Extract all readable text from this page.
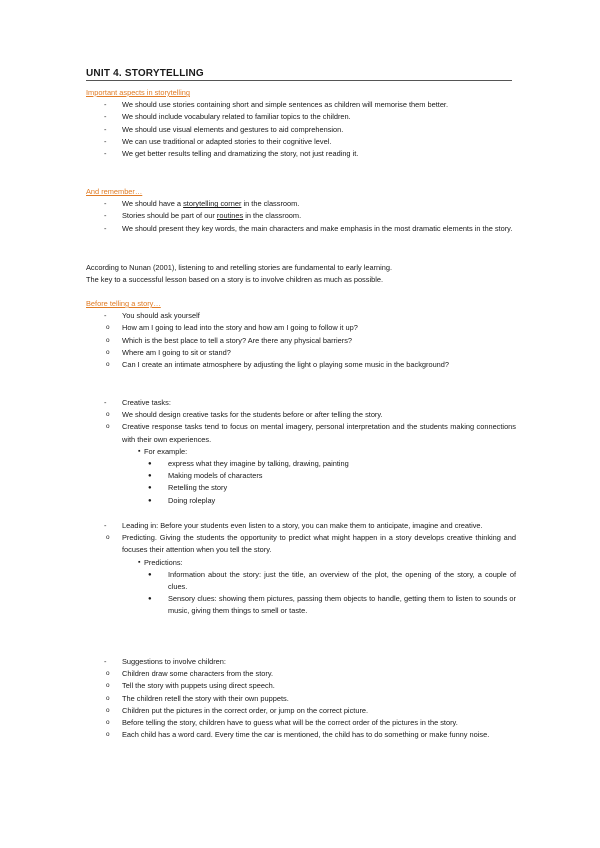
UNIT 4. STORYTELLING
Important aspects in storytelling
- We should use stories containing short and simple sentences as children will memorise them better.
- We should include vocabulary related to familiar topics to the children.
- We should use visual elements and gestures to aid comprehension.
- We can use traditional or adapted stories to their cognitive level.
- We get better results telling and dramatizing the story, not just reading it.
And remember…
- We should have a storytelling corner in the classroom.
- Stories should be part of our routines in the classroom.
- We should present they key words, the main characters and make emphasis in the most dramatic elements in the story.
According to Nunan (2001), listening to and retelling stories are fundamental to early learning.
The key to a successful lesson based on a story is to involve children as much as possible.
Before telling a story…
- You should ask yourself
o How am I going to lead into the story and how am I going to follow it up?
o Which is the best place to tell a story? Are there any physical barriers?
o Where am I going to sit or stand?
o Can I create an intimate atmosphere by adjusting the light o playing some music in the background?
- Creative tasks:
o We should design creative tasks for the students before or after telling the story.
o Creative response tasks tend to focus on mental imagery, personal interpretation and the students making connections with their own experiences.
▪ For example:
● express what they imagine by talking, drawing, painting
● Making models of characters
● Retelling the story
● Doing roleplay
- Leading in: Before your students even listen to a story, you can make them to anticipate, imagine and creative.
o Predicting. Giving the students the opportunity to predict what might happen in a story develops creative thinking and focuses their attention when you tell the story.
▪ Predictions:
● Information about the story: just the title, an overview of the plot, the opening of the story, a couple of clues.
● Sensory clues: showing them pictures, passing them objects to handle, getting them to listen to sounds or music, giving them things to smell or taste.
- Suggestions to involve children:
o Children draw some characters from the story.
o Tell the story with puppets using direct speech.
o The children retell the story with their own puppets.
o Children put the pictures in the correct order, or jump on the correct picture.
o Before telling the story, children have to guess what will be the correct order of the pictures in the story.
o Each child has a word card. Every time the car is mentioned, the child has to do something or make funny noise.
